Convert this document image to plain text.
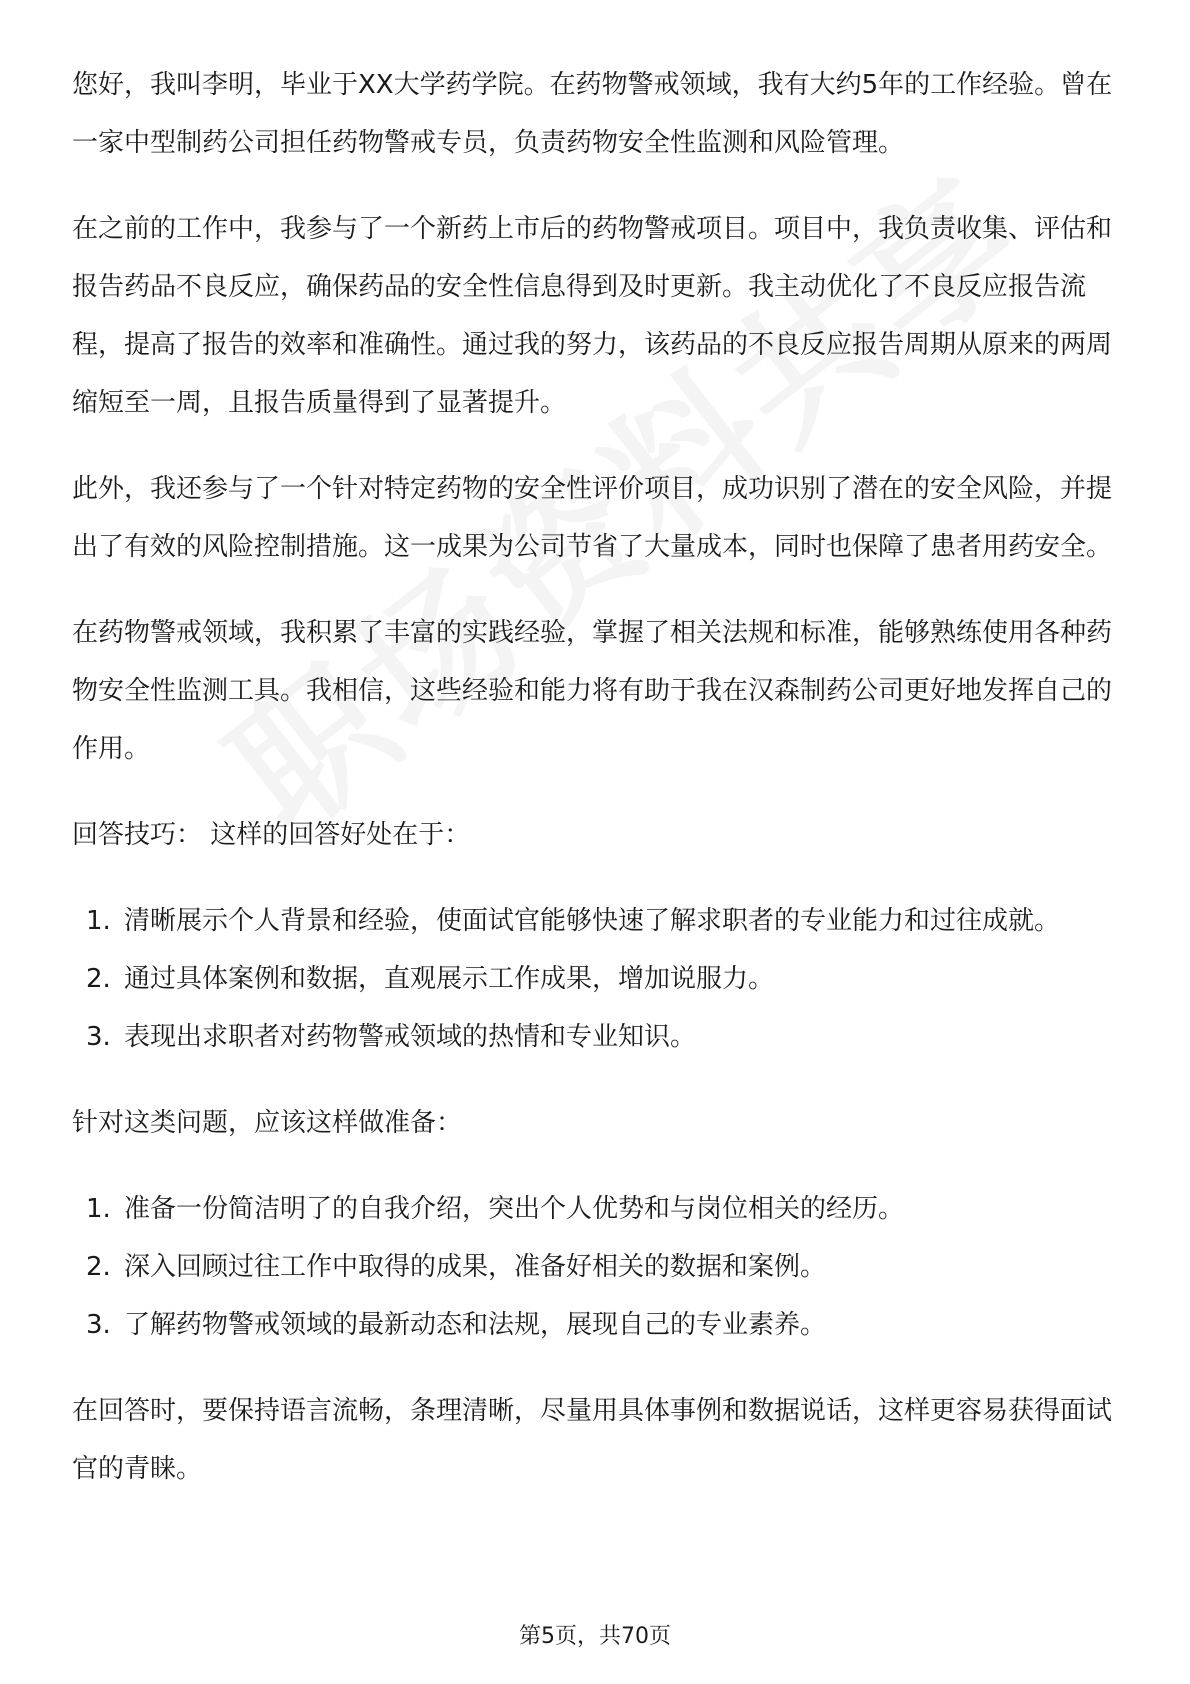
您好，我叫李明，毕业于XX大学药学院。在药物警戒领域，我有大约5年的工作经验。曾在一家中型制药公司担任药物警戒专员，负责药物安全性监测和风险管理。

在之前的工作中，我参与了一个新药上市后的药物警戒项目。项目中，我负责收集、评估和报告药品不良反应，确保药品的安全性信息得到及时更新。我主动优化了不良反应报告流程，提高了报告的效率和准确性。通过我的努力，该药品的不良反应报告周期从原来的两周缩短至一周，且报告质量得到了显著提升。

此外，我还参与了一个针对特定药物的安全性评价项目，成功识别了潜在的安全风险，并提出了有效的风险控制措施。这一成果为公司节省了大量成本，同时也保障了患者用药安全。

在药物警戒领域，我积累了丰富的实践经验，掌握了相关法规和标准，能够熟练使用各种药物安全性监测工具。我相信，这些经验和能力将有助于我在汉森制药公司更好地发挥自己的作用。

回答技巧： 这样的回答好处在于：

1. 清晰展示个人背景和经验，使面试官能够快速了解求职者的专业能力和过往成就。
2. 通过具体案例和数据，直观展示工作成果，增加说服力。
3. 表现出求职者对药物警戒领域的热情和专业知识。

针对这类问题，应该这样做准备：

1. 准备一份简洁明了的自我介绍，突出个人优势和与岗位相关的经历。
2. 深入回顾过往工作中取得的成果，准备好相关的数据和案例。
3. 了解药物警戒领域的最新动态和法规，展现自己的专业素养。

在回答时，要保持语言流畅，条理清晰，尽量用具体事例和数据说话，这样更容易获得面试官的青睐。

第5页，共70页
